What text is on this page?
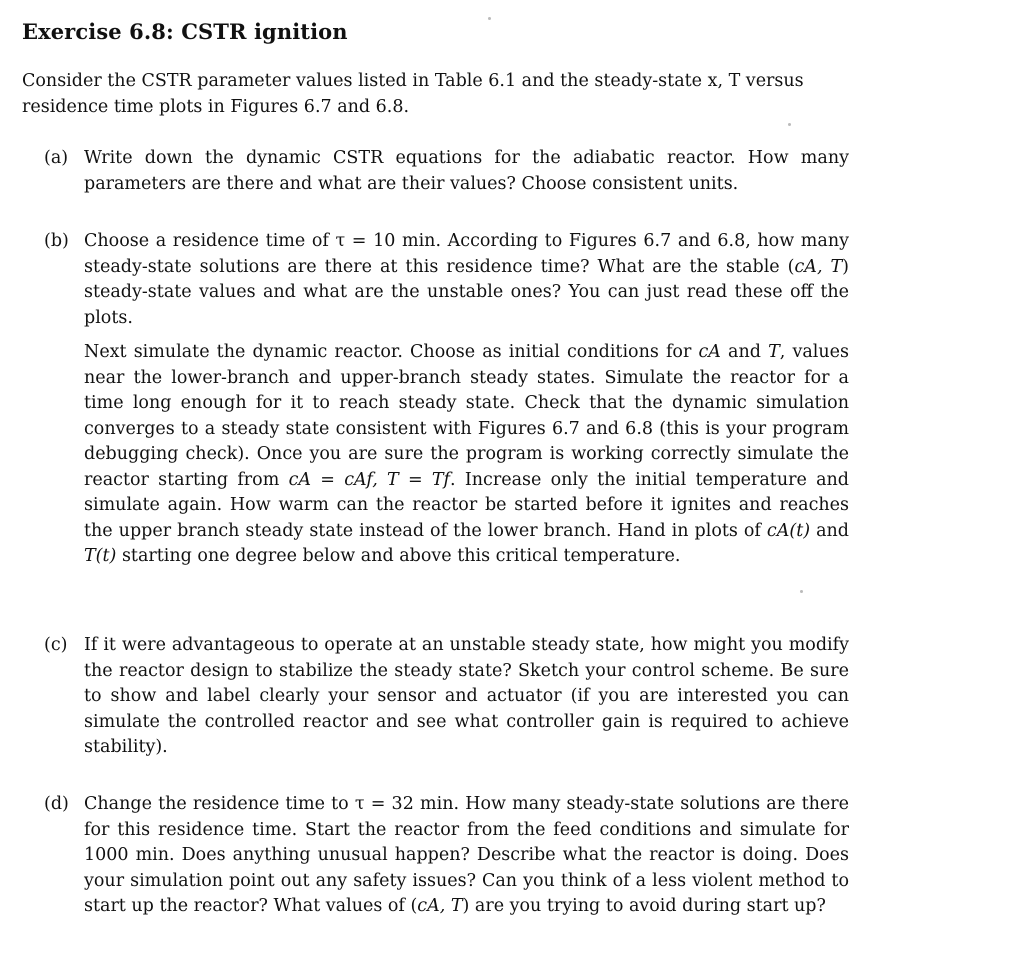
Exercise 6.8: CSTR ignition

Consider the CSTR parameter values listed in Table 6.1 and the steady-state x, T versus residence time plots in Figures 6.7 and 6.8.

(a) Write down the dynamic CSTR equations for the adiabatic reactor. How many parameters are there and what are their values? Choose consistent units.

(b) Choose a residence time of τ = 10 min. According to Figures 6.7 and 6.8, how many steady-state solutions are there at this residence time? What are the stable (cA, T) steady-state values and what are the unstable ones? You can just read these off the plots.

Next simulate the dynamic reactor. Choose as initial conditions for cA and T, values near the lower-branch and upper-branch steady states. Simulate the reactor for a time long enough for it to reach steady state. Check that the dynamic simulation converges to a steady state consistent with Figures 6.7 and 6.8 (this is your program debugging check). Once you are sure the program is working correctly simulate the reactor starting from cA = cAf, T = Tf. Increase only the initial temperature and simulate again. How warm can the reactor be started before it ignites and reaches the upper branch steady state instead of the lower branch. Hand in plots of cA(t) and T(t) starting one degree below and above this critical temperature.

(c) If it were advantageous to operate at an unstable steady state, how might you modify the reactor design to stabilize the steady state? Sketch your control scheme. Be sure to show and label clearly your sensor and actuator (if you are interested you can simulate the controlled reactor and see what controller gain is required to achieve stability).

(d) Change the residence time to τ = 32 min. How many steady-state solutions are there for this residence time. Start the reactor from the feed conditions and simulate for 1000 min. Does anything unusual happen? Describe what the reactor is doing. Does your simulation point out any safety issues? Can you think of a less violent method to start up the reactor? What values of (cA, T) are you trying to avoid during start up?
